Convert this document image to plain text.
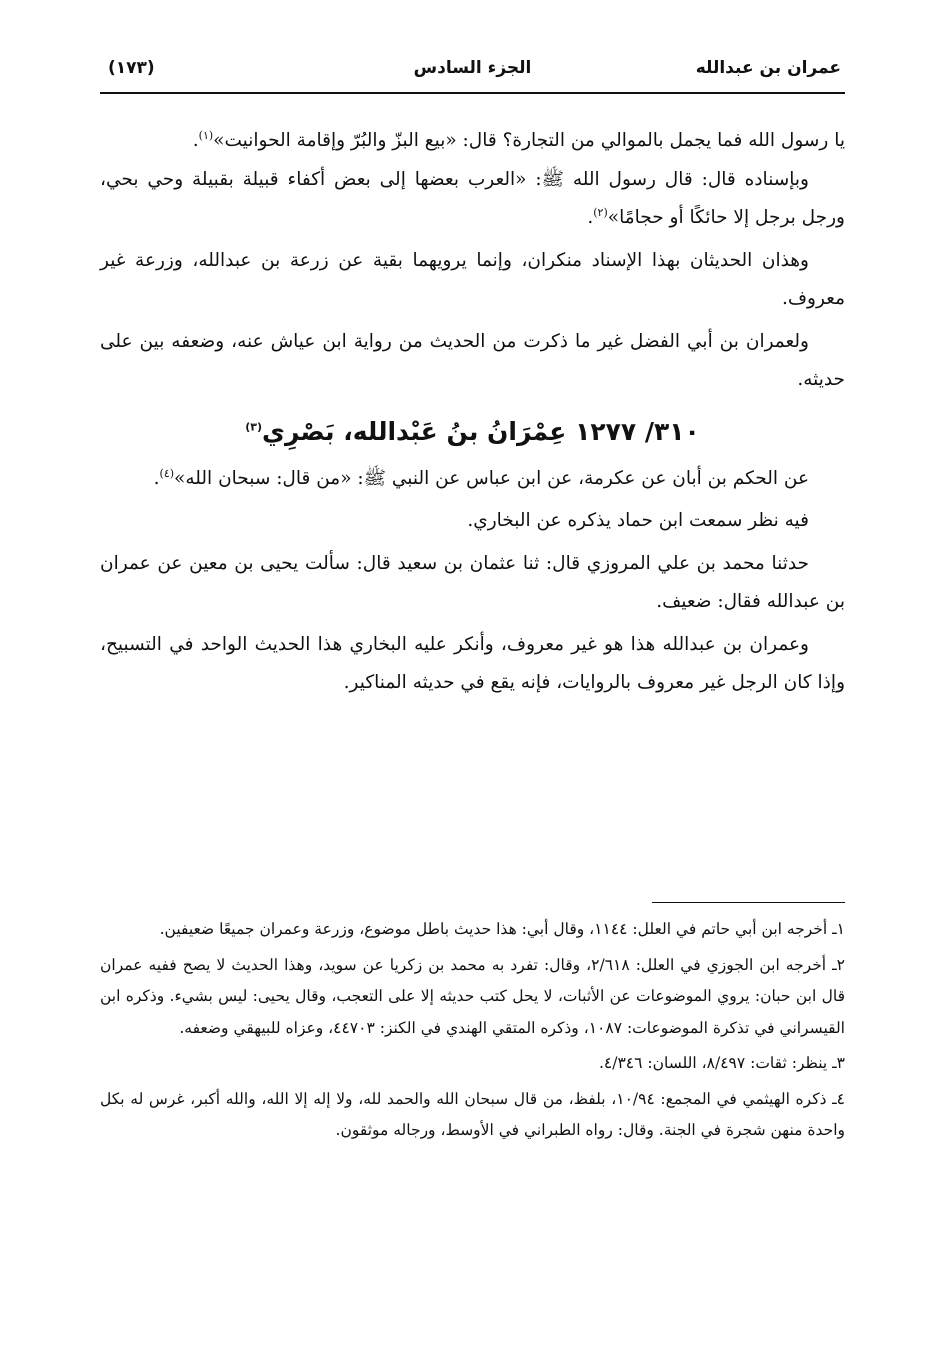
عمران بن عبدالله
الجزء السادس
(١٧٣)

يا رسول الله فما يجمل بالموالي من التجارة؟ قال: «بيع البزّ والبُرّ وإقامة الحوانيت»$^{(١)}$.

وبإسناده قال: قال رسول الله ﷺ: «العرب بعضها إلى بعض أكفاء قبيلة بقبيلة وحي بحي، ورجل برجل إلا حائكًا أو حجامًا»$^{(٢)}$.

وهذان الحديثان بهذا الإسناد منكران، وإنما يرويهما بقية عن زرعة بن عبدالله، وزرعة غير معروف.

ولعمران بن أبي الفضل غير ما ذكرت من الحديث من رواية ابن عياش عنه، وضعفه بين على حديثه.

٣١٠/ ١٢٧٧ عِمْرَانُ بنُ عَبْدالله، بَصْرِي$^{(٣)}$

عن الحكم بن أبان عن عكرمة، عن ابن عباس عن النبي ﷺ: «من قال: سبحان الله»$^{(٤)}$.

فيه نظر سمعت ابن حماد يذكره عن البخاري.

حدثنا محمد بن علي المروزي قال: ثنا عثمان بن سعيد قال: سألت يحيى بن معين عن عمران بن عبدالله فقال: ضعيف.

وعمران بن عبدالله هذا هو غير معروف، وأنكر عليه البخاري هذا الحديث الواحد في التسبيح، وإذا كان الرجل غير معروف بالروايات، فإنه يقع في حديثه المناكير.

١ـ أخرجه ابن أبي حاتم في العلل: ١١٤٤، وقال أبي: هذا حديث باطل موضوع، وزرعة وعمران جميعًا ضعيفين.

٢ـ أخرجه ابن الجوزي في العلل: ٢/٦١٨، وقال: تفرد به محمد بن زكريا عن سويد، وهذا الحديث لا يصح ففيه عمران قال ابن حبان: يروي الموضوعات عن الأثبات، لا يحل كتب حديثه إلا على التعجب، وقال يحيى: ليس بشيء. وذكره ابن القيسراني في تذكرة الموضوعات: ١٠٨٧، وذكره المتقي الهندي في الكنز: ٤٤٧٠٣، وعزاه للبيهقي وضعفه.

٣ـ ينظر: ثقات: ٨/٤٩٧، اللسان: ٤/٣٤٦.

٤ـ ذكره الهيثمي في المجمع: ١٠/٩٤، بلفظ، من قال سبحان الله والحمد لله، ولا إله إلا الله، والله أكبر، غرس له بكل واحدة منهن شجرة في الجنة. وقال: رواه الطبراني في الأوسط، ورجاله موثقون.
